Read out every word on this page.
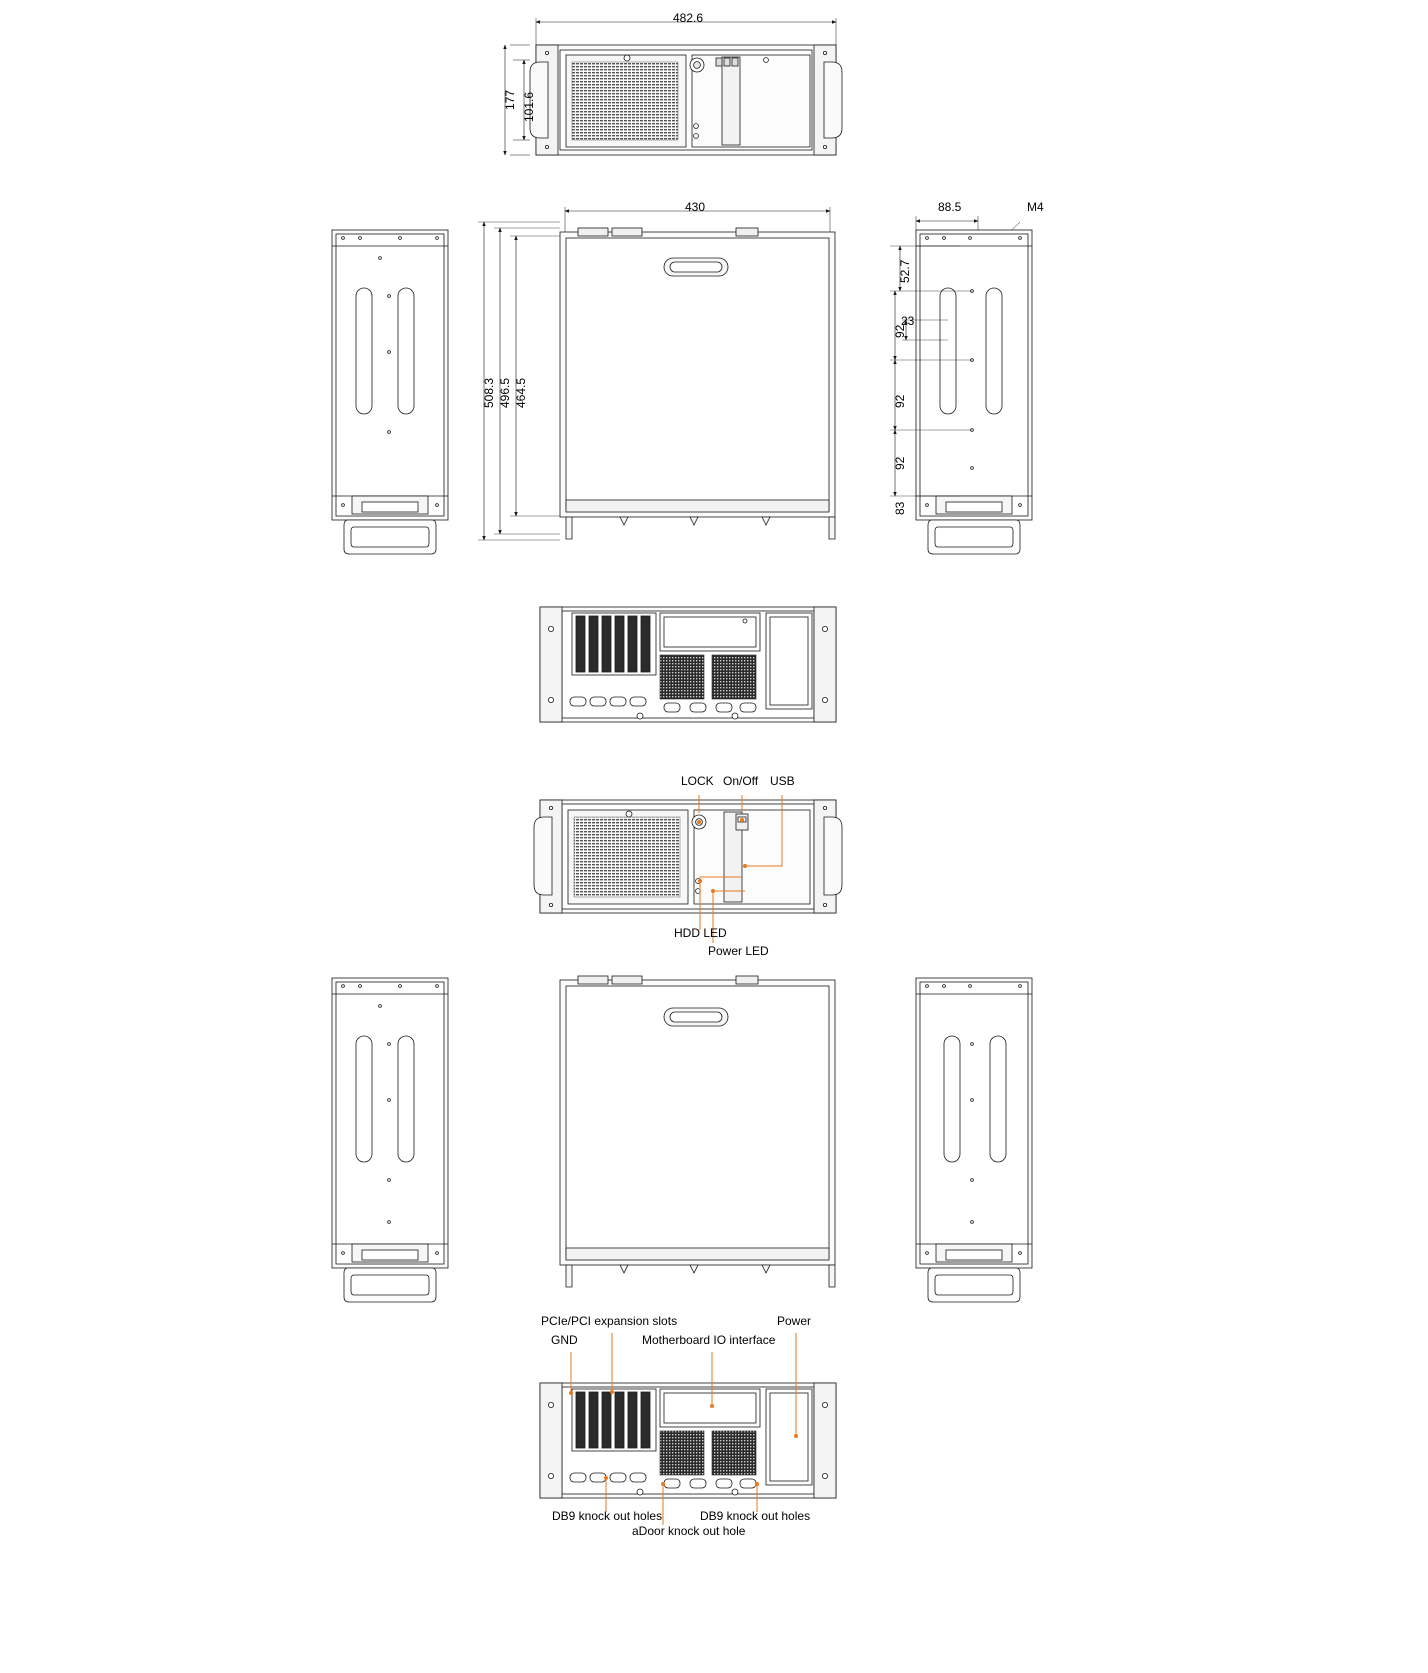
482.6
177 101.6
430
508.3 496.5 464.5
88.5	M4
52.7
92
23
92
92
83
LOCK On/Off USB
HDD LED
Power LED
PCIe/PCI expansion slots
GND	Motherboard IO interface
Power
DB9 knock out holes	DB9 knock out holes
aDoor knock out hole
